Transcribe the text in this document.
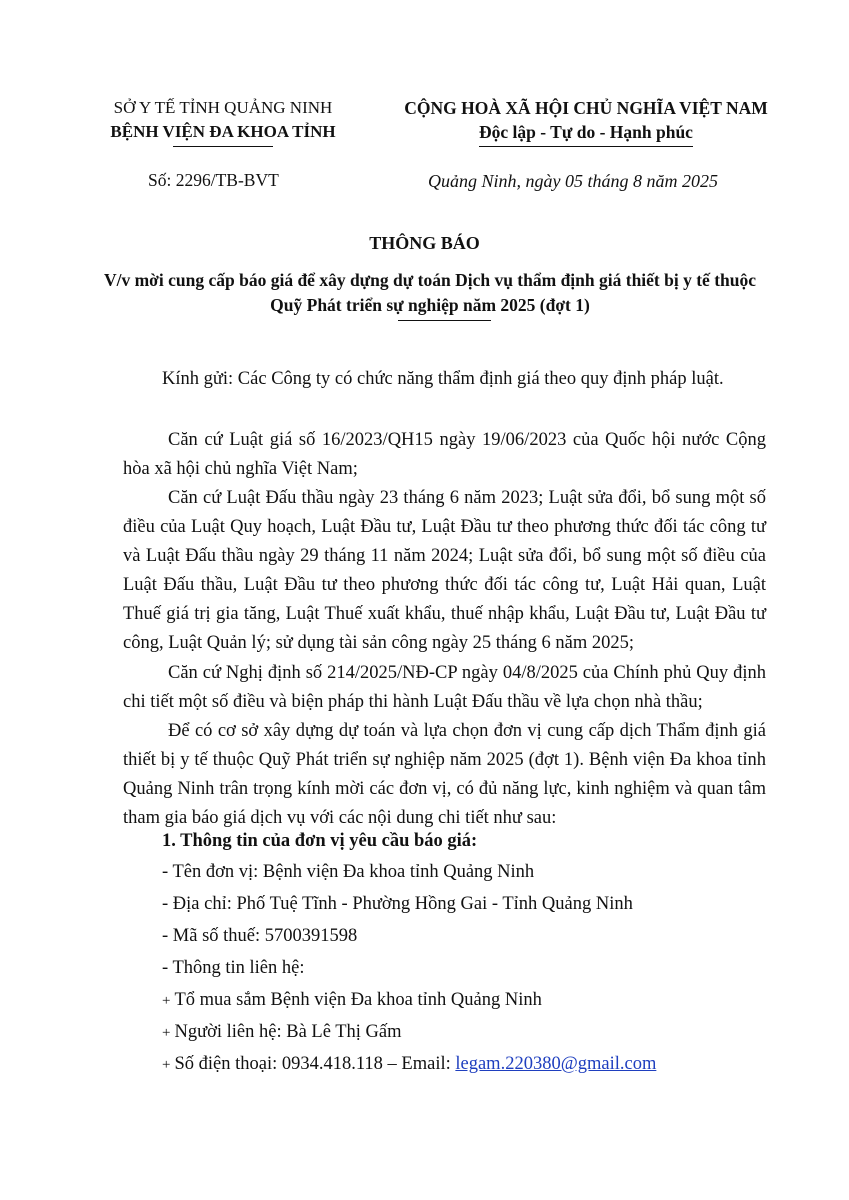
SỞ Y TẾ TỈNH QUẢNG NINH
BỆNH VIỆN ĐA KHOA TỈNH
CỘNG HOÀ XÃ HỘI CHỦ NGHĨA VIỆT NAM
Độc lập - Tự do - Hạnh phúc
Số: 2296/TB-BVT	Quảng Ninh, ngày 05 tháng 8 năm 2025
THÔNG BÁO
V/v mời cung cấp báo giá để xây dựng dự toán Dịch vụ thẩm định giá thiết bị y tế thuộc Quỹ Phát triển sự nghiệp năm 2025 (đợt 1)
Kính gửi: Các Công ty có chức năng thẩm định giá theo quy định pháp luật.
Căn cứ Luật giá số 16/2023/QH15 ngày 19/06/2023 của Quốc hội nước Cộng hòa xã hội chủ nghĩa Việt Nam;
Căn cứ Luật Đấu thầu ngày 23 tháng 6 năm 2023; Luật sửa đổi, bổ sung một số điều của Luật Quy hoạch, Luật Đầu tư, Luật Đầu tư theo phương thức đối tác công tư và Luật Đấu thầu ngày 29 tháng 11 năm 2024; Luật sửa đổi, bổ sung một số điều của Luật Đấu thầu, Luật Đầu tư theo phương thức đối tác công tư, Luật Hải quan, Luật Thuế giá trị gia tăng, Luật Thuế xuất khẩu, thuế nhập khẩu, Luật Đầu tư, Luật Đầu tư công, Luật Quản lý; sử dụng tài sản công ngày 25 tháng 6 năm 2025;
Căn cứ Nghị định số 214/2025/NĐ-CP ngày 04/8/2025 của Chính phủ Quy định chi tiết một số điều và biện pháp thi hành Luật Đấu thầu về lựa chọn nhà thầu;
Để có cơ sở xây dựng dự toán và lựa chọn đơn vị cung cấp dịch Thẩm định giá thiết bị y tế thuộc Quỹ Phát triển sự nghiệp năm 2025 (đợt 1). Bệnh viện Đa khoa tỉnh Quảng Ninh trân trọng kính mời các đơn vị, có đủ năng lực, kinh nghiệm và quan tâm tham gia báo giá dịch vụ với các nội dung chi tiết như sau:
1. Thông tin của đơn vị yêu cầu báo giá:
- Tên đơn vị: Bệnh viện Đa khoa tỉnh Quảng Ninh
- Địa chỉ: Phố Tuệ Tĩnh - Phường Hồng Gai - Tỉnh Quảng Ninh
- Mã số thuế: 5700391598
- Thông tin liên hệ:
+ Tổ mua sắm Bệnh viện Đa khoa tỉnh Quảng Ninh
+ Người liên hệ: Bà Lê Thị Gấm
+ Số điện thoại: 0934.418.118 – Email: legam.220380@gmail.com
